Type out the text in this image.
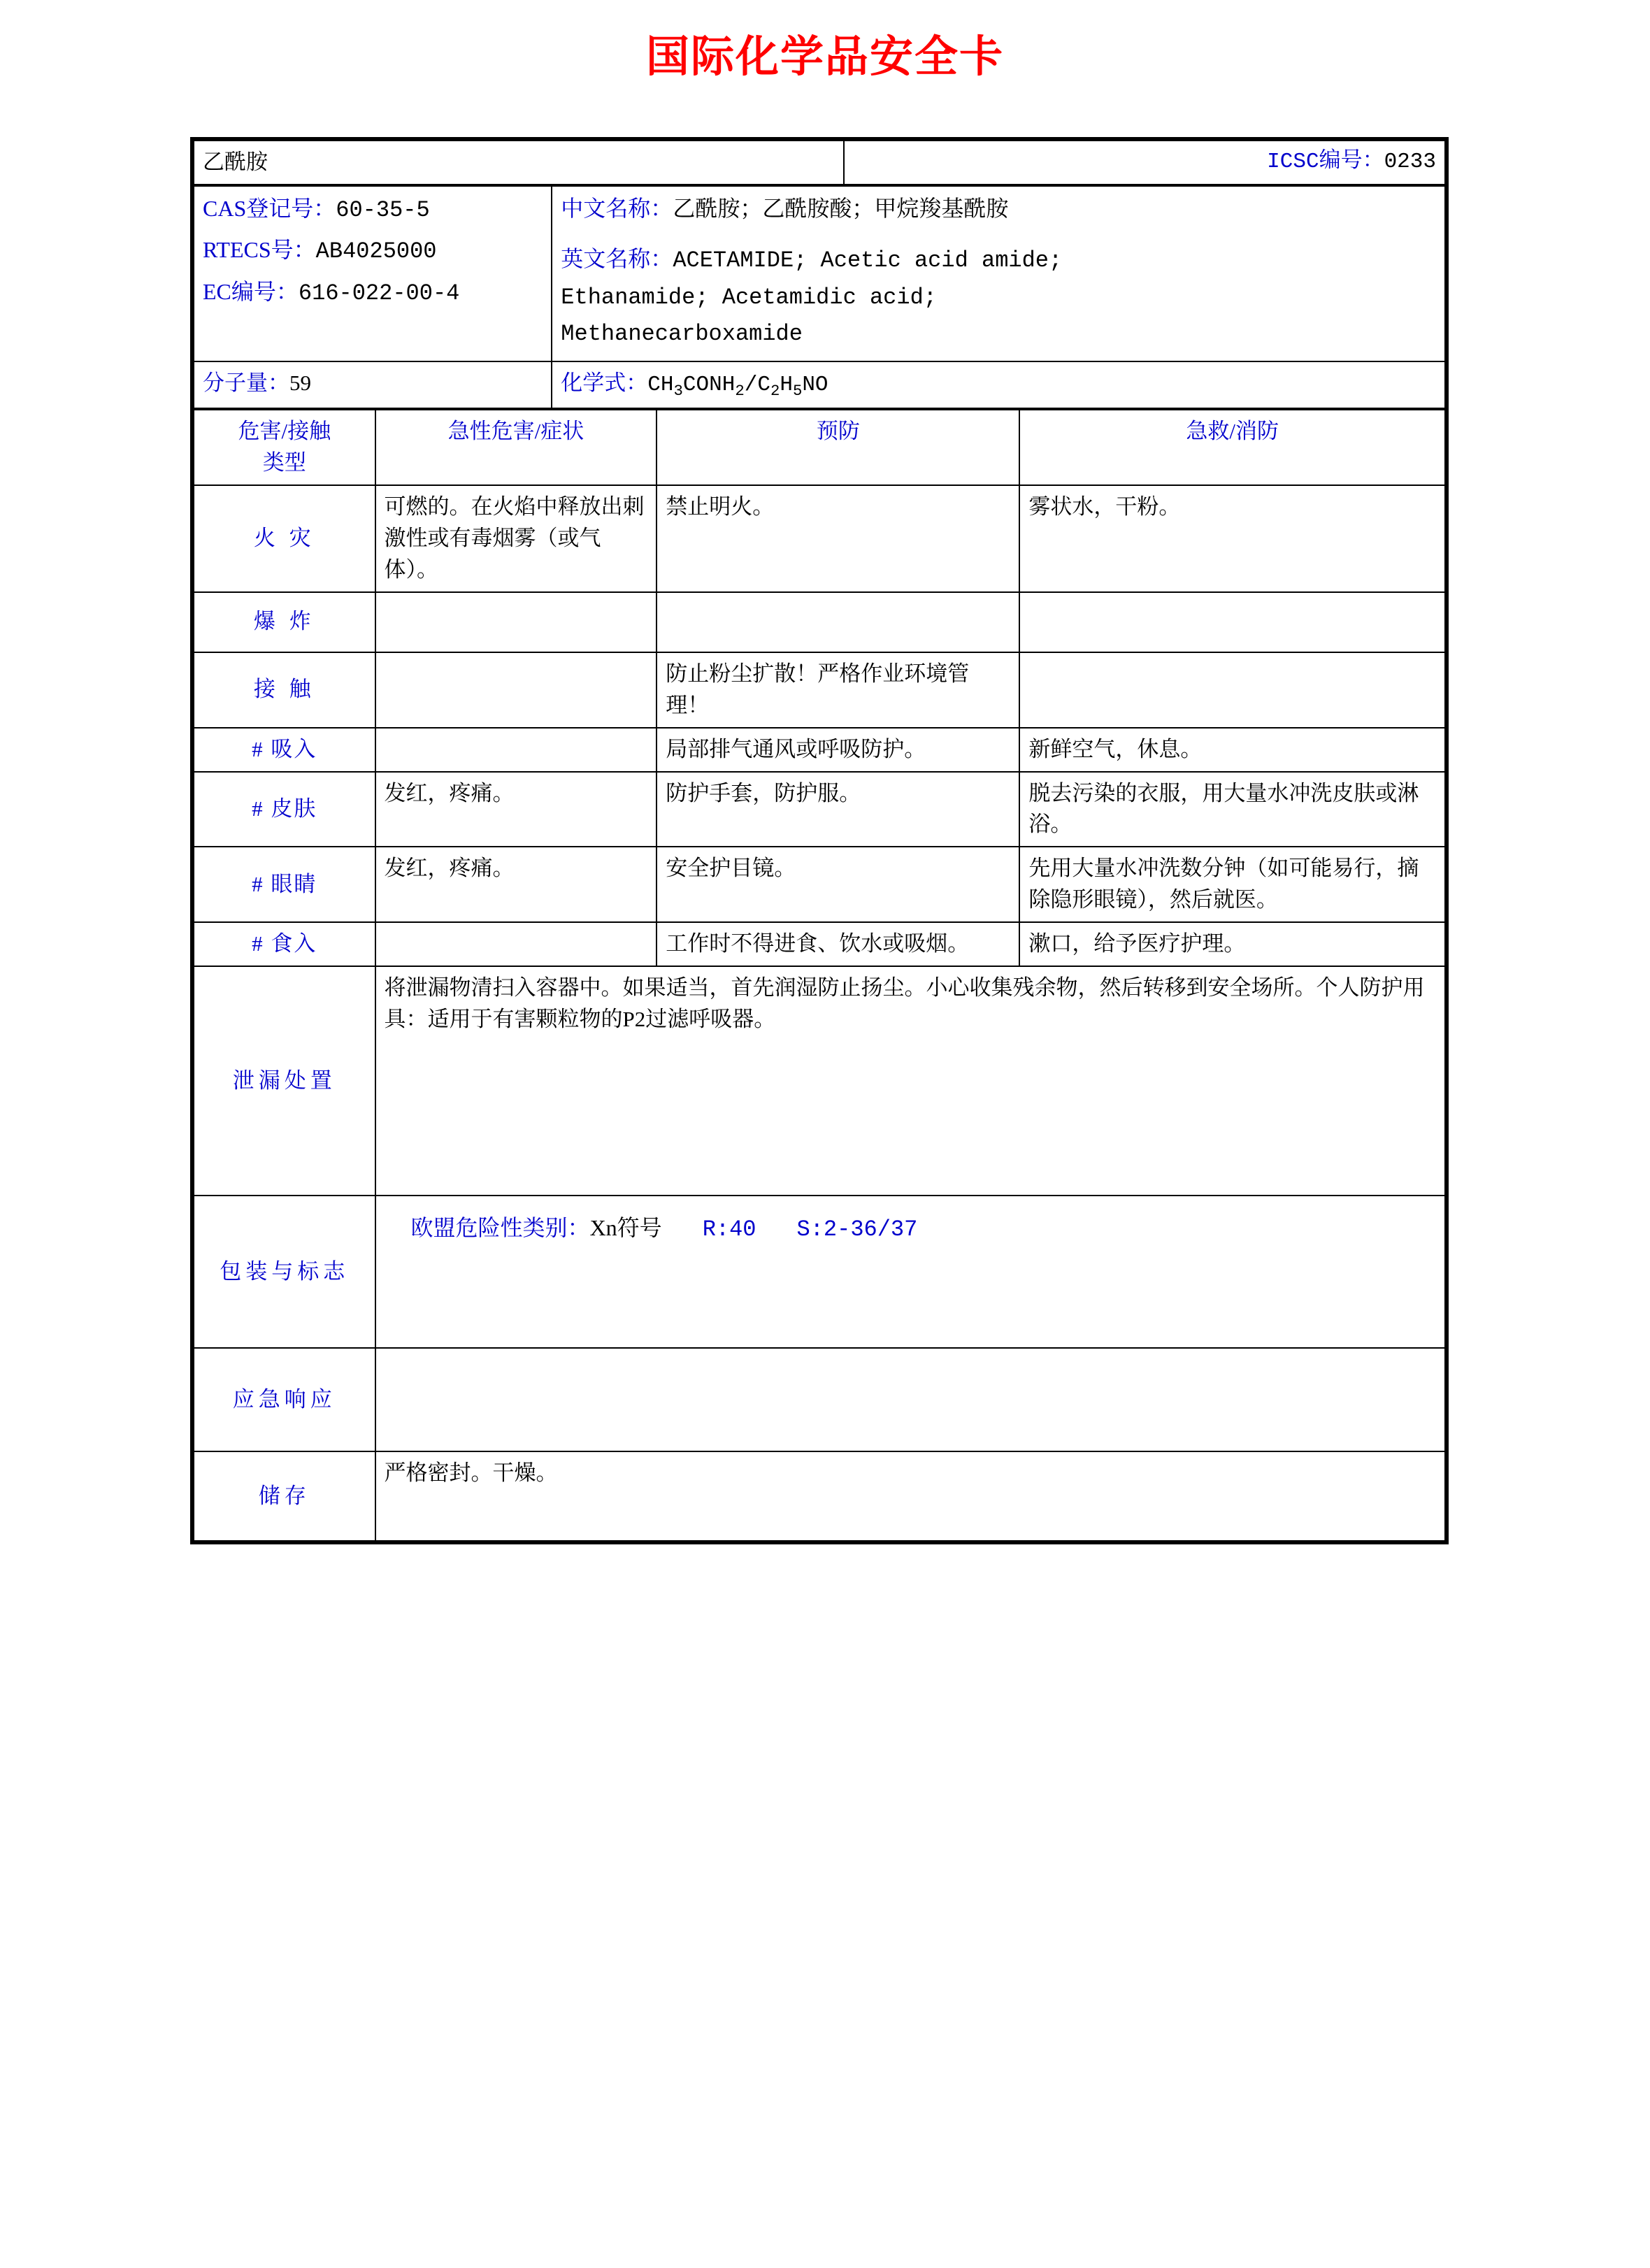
国际化学品安全卡
乙酰胺	ICSC编号：0233

CAS登记号：60-35-5

RTECS号：AB4025000

EC编号：616-022-00-4

中文名称：乙酰胺；乙酰胺酸；甲烷羧基酰胺

英文名称：ACETAMIDE; Acetic acid amide;

Ethanamide; Acetamidic acid;

Methanecarboxamide

分子量：59	化学式：$CH_3CONH_2/C_2H_5NO$
危害/接触
类型	急性危害/症状	预防	急救/消防
火 灾	可燃的。在火焰中释放出刺激性或有毒烟雾（或气体）。	禁止明火。	雾状水，干粉。
爆 炸			
接 触		防止粉尘扩散！严格作业环境管理！	
# 吸入		局部排气通风或呼吸防护。	新鲜空气，休息。
# 皮肤	发红，疼痛。	防护手套，防护服。	脱去污染的衣服，用大量水冲洗皮肤或淋浴。
# 眼睛	发红，疼痛。	安全护目镜。	先用大量水冲洗数分钟（如可能易行，摘除隐形眼镜），然后就医。
# 食入		工作时不得进食、饮水或吸烟。	漱口，给予医疗护理。
泄漏处置	将泄漏物清扫入容器中。如果适当，首先润湿防止扬尘。小心收集残余物，然后转移到安全场所。个人防护用具：适用于有害颗粒物的P2过滤呼吸器。		
包装与标志	欧盟危险性类别：Xn符号 R:40 S:2-36/37		

应急响应			
储存	严格密封。干燥。		
